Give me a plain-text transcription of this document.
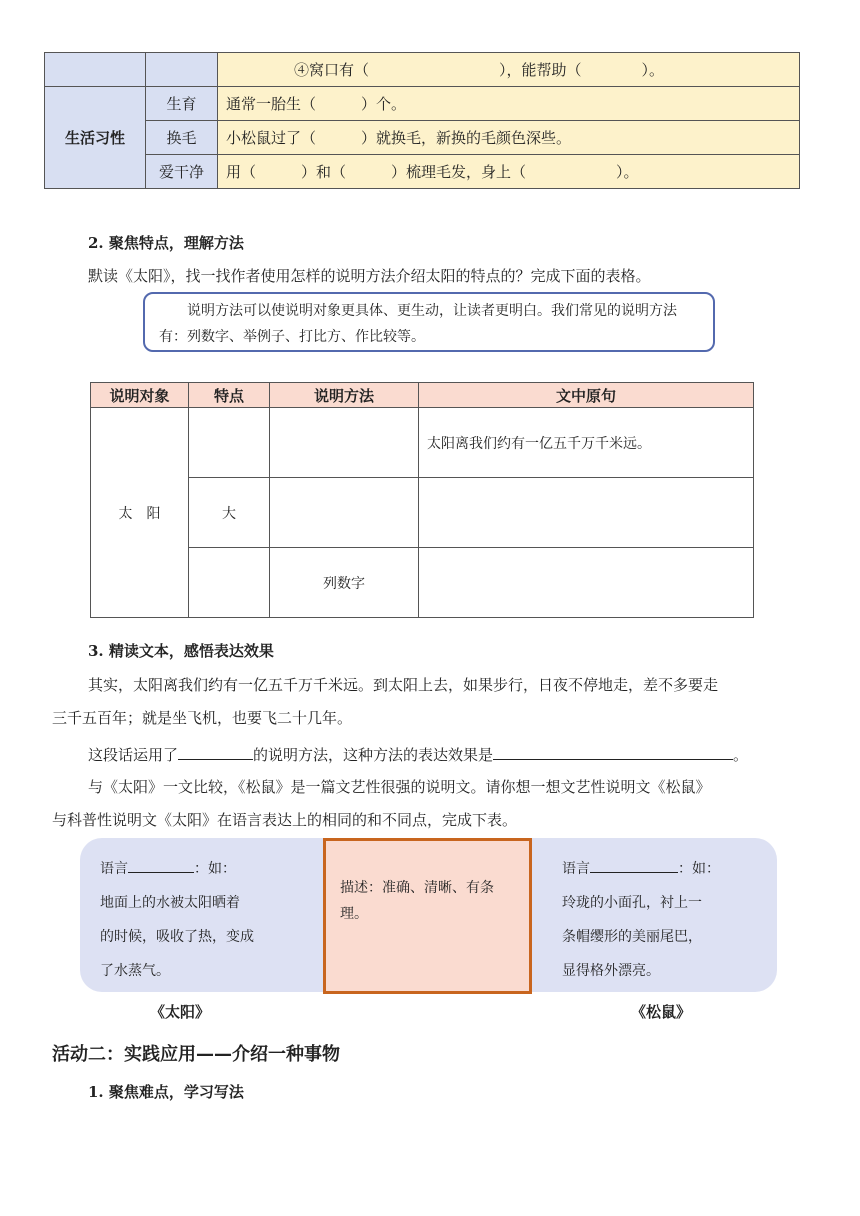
		④窝口有（ ），能帮助（ ）。
生活习性	生育	通常一胎生（　　　）个。
	换毛	小松鼠过了（　　　）就换毛，新换的毛颜色深些。
	爱干净	用（　　　）和（　　　）梳理毛发，身上（　　　　　　）。
2. 聚焦特点，理解方法
默读《太阳》，找一找作者使用怎样的说明方法介绍太阳的特点的？完成下面的表格。
说明方法可以使说明对象更具体、更生动，让读者更明白。我们常见的说明方法有：列数字、举例子、打比方、作比较等。
说明对象	特点	说明方法	文中原句
太　阳			太阳离我们约有一亿五千万千米远。
	大		
		列数字	
3. 精读文本，感悟表达效果
其实，太阳离我们约有一亿五千万千米远。到太阳上去，如果步行，日夜不停地走，差不多要走
三千五百年；就是坐飞机，也要飞二十几年。
这段话运用了	的说明方法，这种方法的表达效果是	。
与《太阳》一文比较，《松鼠》是一篇文艺性很强的说明文。请你想一想文艺性说明文《松鼠》
与科普性说明文《太阳》在语言表达上的相同的和不同点，完成下表。
语言	：如：
地面上的水被太阳晒着
的时候，吸收了热，变成
了水蒸气。
描述：准确、清晰、有条理。
语言	：如：
玲珑的小面孔，衬上一
条帽缨形的美丽尾巴，
显得格外漂亮。
《太阳》	《松鼠》
活动二：实践应用——介绍一种事物
1. 聚焦难点，学习写法
